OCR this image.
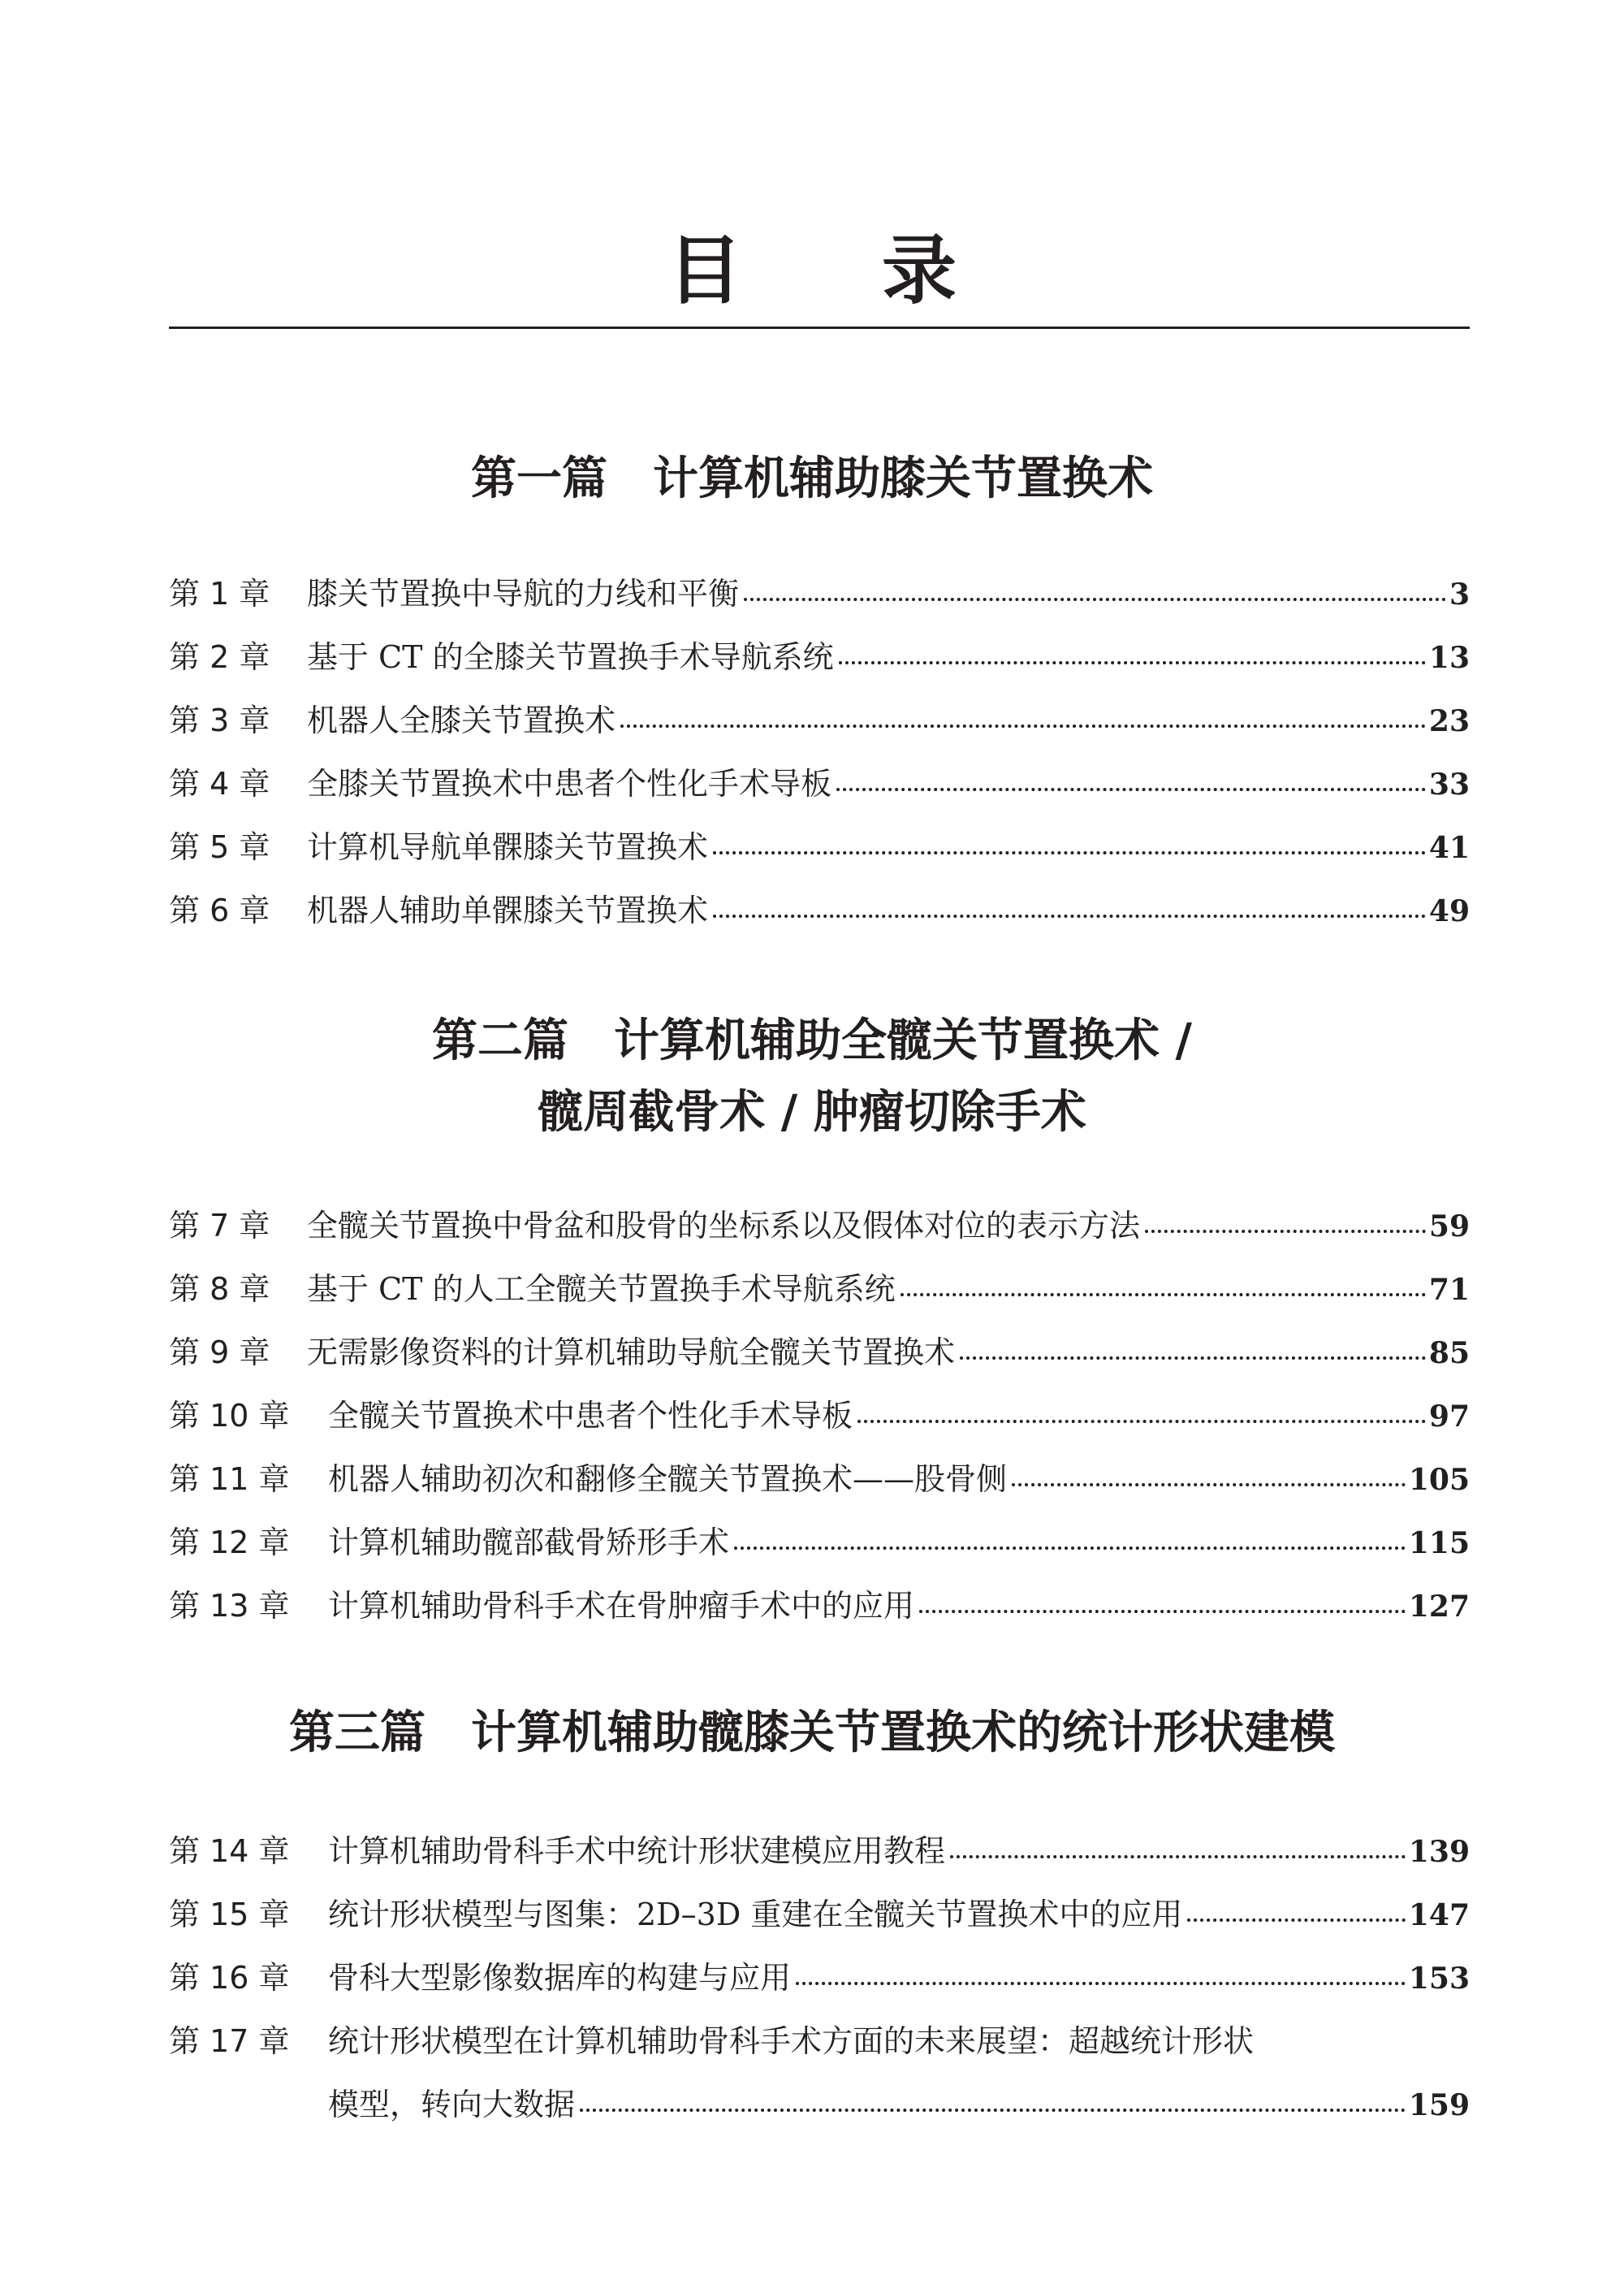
目 录
第一篇　计算机辅助膝关节置换术
第 1 章	膝关节置换中导航的力线和平衡	3
第 2 章	基于 CT 的全膝关节置换手术导航系统	13
第 3 章	机器人全膝关节置换术	23
第 4 章	全膝关节置换术中患者个性化手术导板	33
第 5 章	计算机导航单髁膝关节置换术	41
第 6 章	机器人辅助单髁膝关节置换术	49
第二篇　计算机辅助全髋关节置换术 /
髋周截骨术 / 肿瘤切除手术
第 7 章	全髋关节置换中骨盆和股骨的坐标系以及假体对位的表示方法	59
第 8 章	基于 CT 的人工全髋关节置换手术导航系统	71
第 9 章	无需影像资料的计算机辅助导航全髋关节置换术	85
第 10 章	全髋关节置换术中患者个性化手术导板	97
第 11 章	机器人辅助初次和翻修全髋关节置换术——股骨侧	105
第 12 章	计算机辅助髋部截骨矫形手术	115
第 13 章	计算机辅助骨科手术在骨肿瘤手术中的应用	127
第三篇　计算机辅助髋膝关节置换术的统计形状建模
第 14 章	计算机辅助骨科手术中统计形状建模应用教程	139
第 15 章	统计形状模型与图集：2D–3D 重建在全髋关节置换术中的应用	147
第 16 章	骨科大型影像数据库的构建与应用	153
第 17 章	统计形状模型在计算机辅助骨科手术方面的未来展望：超越统计形状
模型，转向大数据	159
